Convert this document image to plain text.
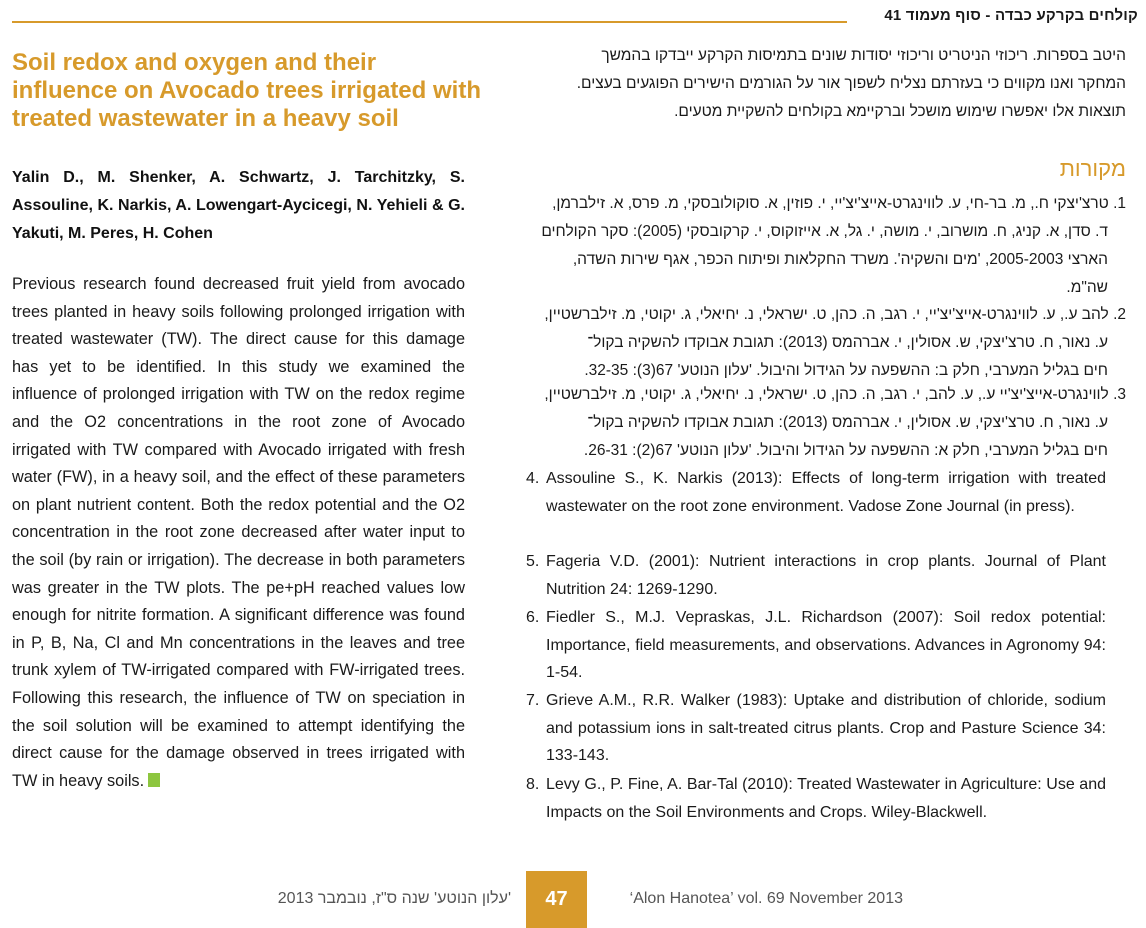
קולחים בקרקע כבדה - סוף מעמוד 41
Soil redox and oxygen and their influence on Avocado trees irrigated with treated wastewater in a heavy soil
Yalin D., M. Shenker, A. Schwartz, J. Tarchitzky, S. Assouline, K. Narkis, A. Lowengart-Aycicegi, N. Yehieli & G. Yakuti, M. Peres, H. Cohen
Previous research found decreased fruit yield from avocado trees planted in heavy soils following prolonged irrigation with treated wastewater (TW). The direct cause for this damage has yet to be identified. In this study we examined the influence of prolonged irrigation with TW on the redox regime and the O2 concentrations in the root zone of Avocado irrigated with TW compared with Avocado irrigated with fresh water (FW), in a heavy soil, and the effect of these parameters on plant nutrient content. Both the redox potential and the O2 concentration in the root zone decreased after water input to the soil (by rain or irrigation). The decrease in both parameters was greater in the TW plots. The pe+pH reached values low enough for nitrite formation. A significant difference was found in P, B, Na, Cl and Mn concentrations in the leaves and tree trunk xylem of TW-irrigated compared with FW-irrigated trees. Following this research, the influence of TW on speciation in the soil solution will be examined to attempt identifying the direct cause for the damage observed in trees irrigated with TW in heavy soils.
היטב בספרות. ריכוזי הניטריט וריכוזי יסודות שונים בתמיסות הקרקע ייבדקו בהמשך
המחקר ואנו מקווים כי בעזרתם נצליח לשפוך אור על הגורמים הישירים הפוגעים בעצים.
תוצאות אלו יאפשרו שימוש מושכל וברקיימא בקולחים להשקיית מטעים.
מקורות
1. טרצ'יצקי ח., מ. בר-חי, ע. לווינגרט-אייצ'יצ'יי, י. פוזין, א. סוקולובסקי, מ. פרס, א. זילברמן,
ד. סדן, א. קניג, ח. מושרוב, י. מושה, י. גל, א. אייזוקוס, י. קרקובסקי (2005): סקר הקולחים
הארצי 2005-2003, 'מים והשקיה'. משרד החקלאות ופיתוח הכפר, אגף שירות השדה,
שה"מ.
2. להב ע., ע. לווינגרט-אייצ'יצ'יי, י. רגב, ה. כהן, ט. ישראלי, נ. יחיאלי, ג. יקוטי, מ. זילברשטיין,
ע. נאור, ח. טרצ'יצקי, ש. אסולין, י. אברהמס (2013): תגובת אבוקדו להשקיה בקול־
חים בגליל המערבי, חלק ב: ההשפעה על הגידול והיבול. 'עלון הנוטע' 67(3): 32-35.
3. לווינגרט-אייצ'יצ'יי ע., ע. להב, י. רגב, ה. כהן, ט. ישראלי, נ. יחיאלי, ג. יקוטי, מ. זילברשטיין,
ע. נאור, ח. טרצ'יצקי, ש. אסולין, י. אברהמס (2013): תגובת אבוקדו להשקיה בקול־
חים בגליל המערבי, חלק א: ההשפעה על הגידול והיבול. 'עלון הנוטע' 67(2): 26-31.
4. Assouline S., K. Narkis (2013): Effects of long-term irrigation with treated wastewater on the root zone environment. Vadose Zone Journal (in press).
5. Fageria V.D. (2001): Nutrient interactions in crop plants. Journal of Plant Nutrition 24: 1269-1290.
6. Fiedler S., M.J. Vepraskas, J.L. Richardson (2007): Soil redox potential: Importance, field measurements, and observations. Advances in Agronomy 94: 1-54.
7. Grieve A.M., R.R. Walker (1983): Uptake and distribution of chloride, sodium and potassium ions in salt-treated citrus plants. Crop and Pasture Science 34: 133-143.
8. Levy G., P. Fine, A. Bar-Tal (2010): Treated Wastewater in Agriculture: Use and Impacts on the Soil Environments and Crops. Wiley-Blackwell.
‘Alon Hanotea’ vol. 69 November 2013
47
'עלון הנוטע' שנה ס"ז, נובמבר 2013
